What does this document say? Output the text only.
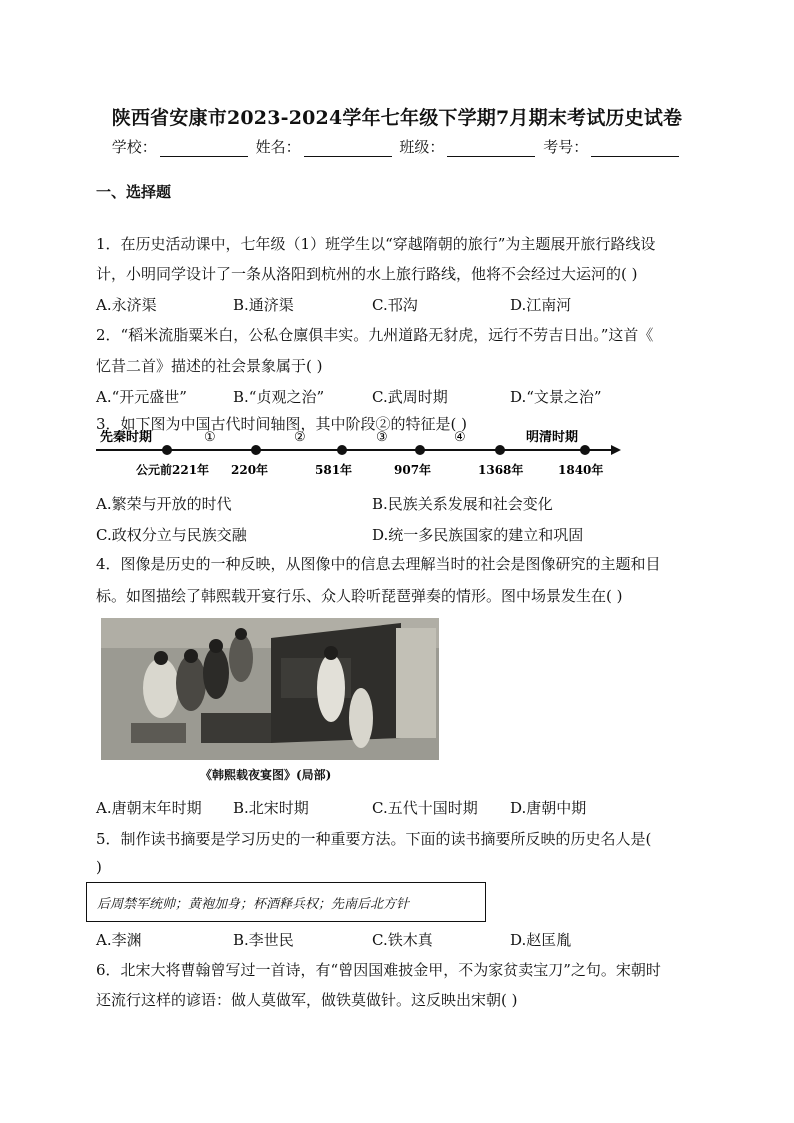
陕西省安康市2023-2024学年七年级下学期7月期末考试历史试卷
学校：	姓名：	班级：	考号：
一、选择题
1．在历史活动课中，七年级（1）班学生以“穿越隋朝的旅行”为主题展开旅行路线设
计，小明同学设计了一条从洛阳到杭州的水上旅行路线，他将不会经过大运河的( )
A.永济渠	B.通济渠	C.邗沟	D.江南河
2．“稻米流脂粟米白，公私仓廪俱丰实。九州道路无豺虎，远行不劳吉日出。”这首《
忆昔二首》描述的社会景象属于( )
A.“开元盛世”	B.“贞观之治”	C.武周时期	D.“文景之治”
3．如下图为中国古代时间轴图，其中阶段②的特征是( )
先秦时期	明清时期
①	②	③	④
公元前221年 220年	581年	907年	1368年	1840年
A.繁荣与开放的时代	B.民族关系发展和社会变化
C.政权分立与民族交融	D.统一多民族国家的建立和巩固
4．图像是历史的一种反映，从图像中的信息去理解当时的社会是图像研究的主题和目
标。如图描绘了韩熙载开宴行乐、众人聆听琵琶弹奏的情形。图中场景发生在( )
《韩熙载夜宴图》(局部)
A.唐朝末年时期 B.北宋时期	C.五代十国时期 D.唐朝中期
5．制作读书摘要是学习历史的一种重要方法。下面的读书摘要所反映的历史名人是(
)
后周禁军统帅；黄袍加身；杯酒释兵权；先南后北方针
A.李渊	B.李世民	C.铁木真	D.赵匡胤
6．北宋大将曹翰曾写过一首诗，有“曾因国难披金甲，不为家贫卖宝刀”之句。宋朝时
还流行这样的谚语：做人莫做军，做铁莫做针。这反映出宋朝( )
